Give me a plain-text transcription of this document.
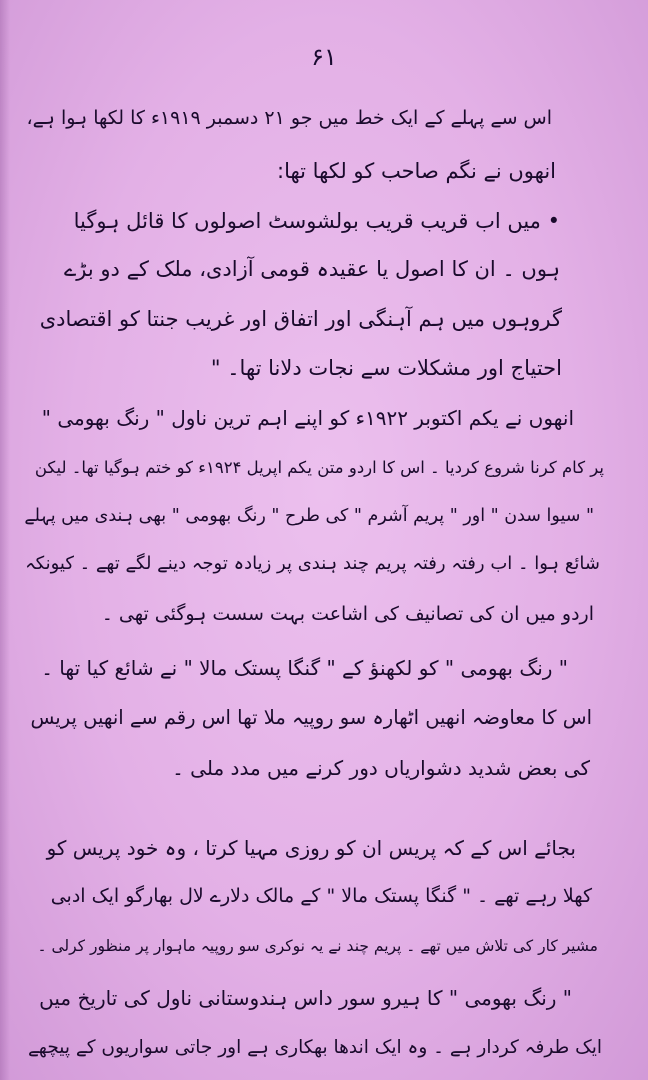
۶۱
اس سے پہلے کے ایک خط میں جو ۲۱ دسمبر ۱۹۱۹ء کا لکھا ہوا ہے،
انھوں نے نگم صاحب کو لکھا تھا:
• میں اب قریب قریب بولشوسٹ اصولوں کا قائل ہوگیا
ہوں ۔ ان کا اصول یا عقیدہ قومی آزادی، ملک کے دو بڑے
گروہوں میں ہم آہنگی اور اتفاق اور غریب جنتا کو اقتصادی
احتیاج اور مشکلات سے نجات دلانا تھا۔ "
انھوں نے یکم اکتوبر ۱۹۲۲ء کو اپنے اہم ترین ناول " رنگ بھومی "
پر کام کرنا شروع کردیا ۔ اس کا اردو متن یکم اپریل ۱۹۲۴ء کو ختم ہوگیا تھا۔ لیکن
" سیوا سدن " اور " پریم آشرم " کی طرح " رنگ بھومی " بھی ہندی میں پہلے
شائع ہوا ۔ اب رفتہ رفتہ پریم چند ہندی پر زیادہ توجہ دینے لگے تھے ۔ کیونکہ
اردو میں ان کی تصانیف کی اشاعت بہت سست ہوگئی تھی ۔
" رنگ بھومی " کو لکھنؤ کے " گنگا پستک مالا " نے شائع کیا تھا ۔
اس کا معاوضہ انھیں اٹھارہ سو روپیہ ملا تھا اس رقم سے انھیں پریس
کی بعض شدید دشواریاں دور کرنے میں مدد ملی ۔
بجائے اس کے کہ پریس ان کو روزی مہیا کرتا ، وہ خود پریس کو
کھلا رہے تھے ۔ " گنگا پستک مالا " کے مالک دلارے لال بھارگو ایک ادبی
مشیر کار کی تلاش میں تھے ۔ پریم چند نے یہ نوکری سو روپیہ ماہوار پر منظور کرلی ۔
" رنگ بھومی " کا ہیرو سور داس ہندوستانی ناول کی تاریخ میں
ایک طرفہ کردار ہے ۔ وہ ایک اندھا بھکاری ہے اور جاتی سواریوں کے پیچھے
